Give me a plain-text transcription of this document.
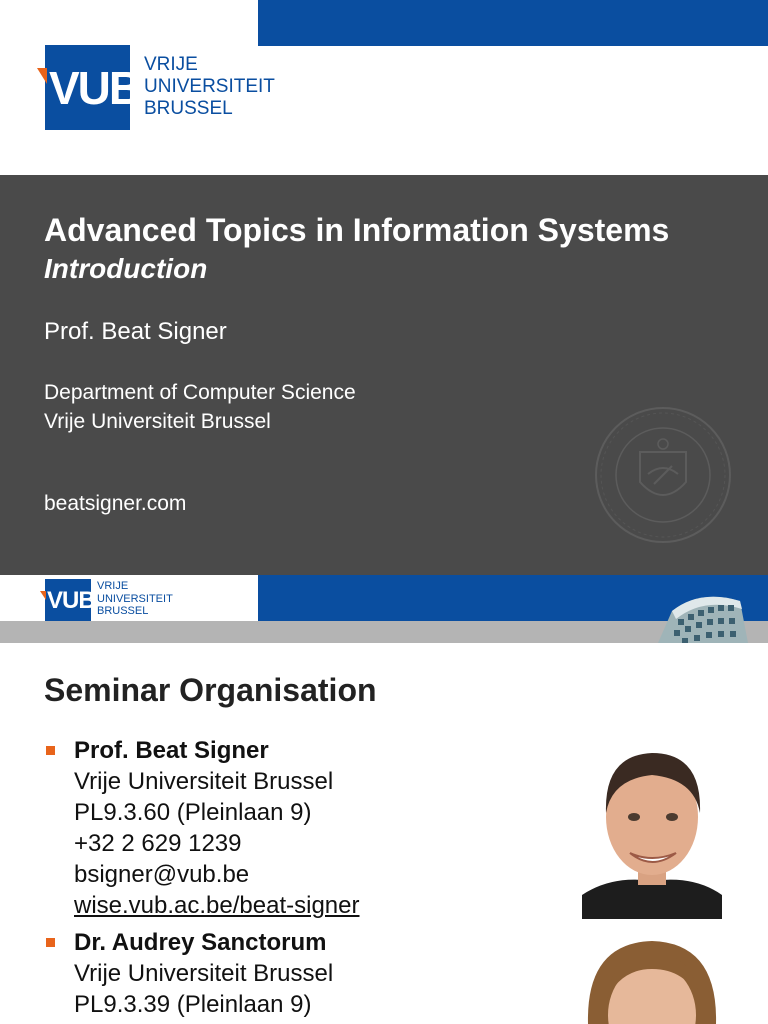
VUB VRIJE
UNIVERSITEIT
BRUSSEL
Advanced Topics in Information Systems
Introduction
Prof. Beat Signer
Department of Computer Science
Vrije Universiteit Brussel
beatsigner.com
VUB
VRIJE
UNIVERSITEIT
BRUSSEL
Seminar Organisation
Prof. Beat Signer
Vrije Universiteit Brussel
PL9.3.60 (Pleinlaan 9)
+32 2 629 1239
bsigner@vub.be
wise.vub.ac.be/beat-signer
Dr. Audrey Sanctorum
Vrije Universiteit Brussel
PL9.3.39 (Pleinlaan 9)
